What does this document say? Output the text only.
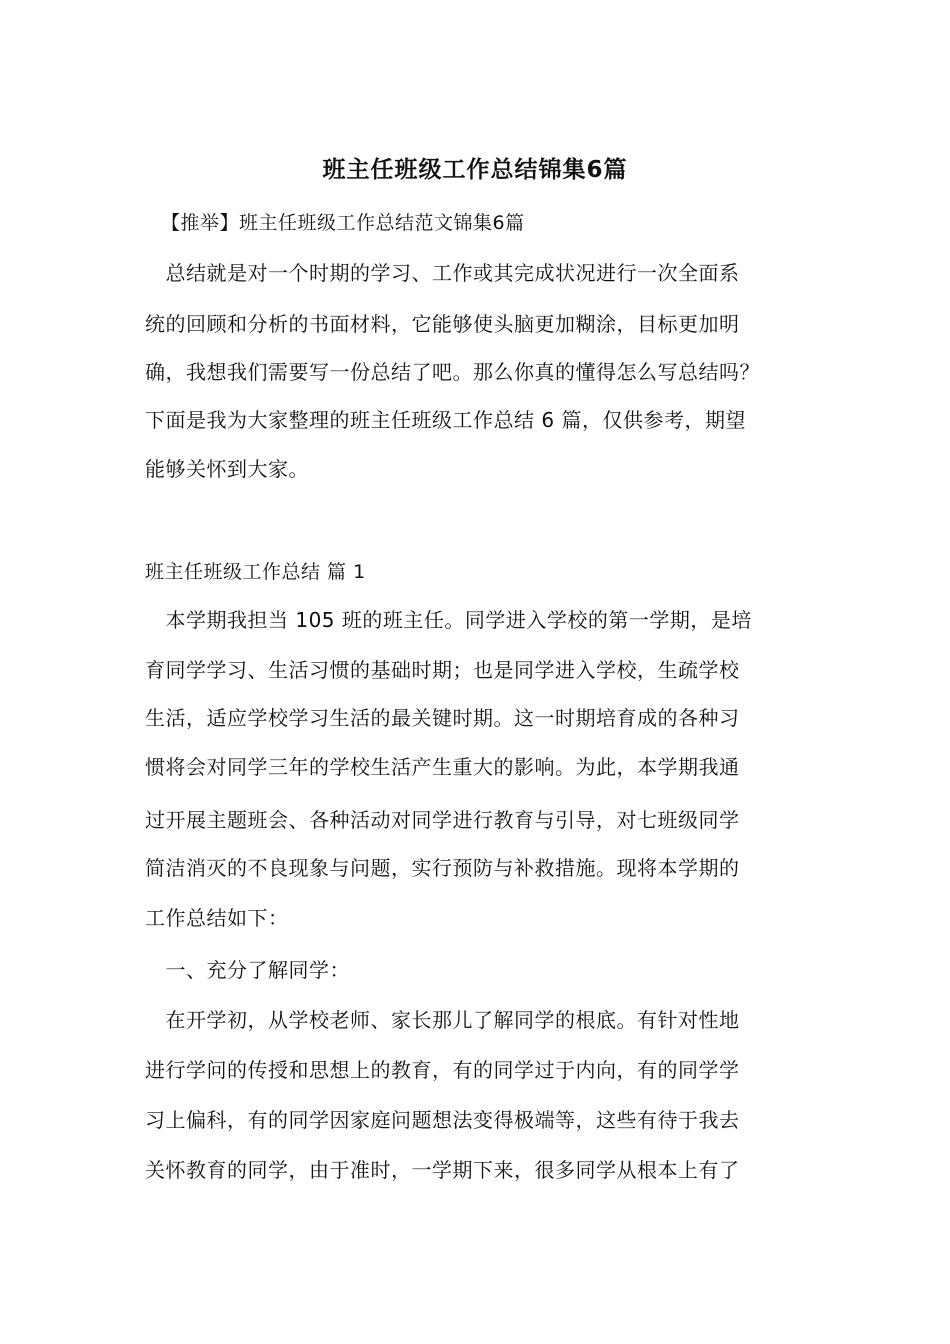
班主任班级工作总结锦集6篇
【推举】班主任班级工作总结范文锦集6篇
　总结就是对一个时期的学习、工作或其完成状况进行一次全面系
统的回顾和分析的书面材料，它能够使头脑更加糊涂，目标更加明
确，我想我们需要写一份总结了吧。那么你真的懂得怎么写总结吗？
下面是我为大家整理的班主任班级工作总结 6 篇，仅供参考，期望
能够关怀到大家。
班主任班级工作总结 篇 1
　本学期我担当 105 班的班主任。同学进入学校的第一学期，是培
育同学学习、生活习惯的基础时期；也是同学进入学校，生疏学校
生活，适应学校学习生活的最关键时期。这一时期培育成的各种习
惯将会对同学三年的学校生活产生重大的影响。为此，本学期我通
过开展主题班会、各种活动对同学进行教育与引导，对七班级同学
简洁消灭的不良现象与问题，实行预防与补救措施。现将本学期的
工作总结如下：
　一、充分了解同学：
　在开学初，从学校老师、家长那儿了解同学的根底。有针对性地
进行学问的传授和思想上的教育，有的同学过于内向，有的同学学
习上偏科，有的同学因家庭问题想法变得极端等，这些有待于我去
关怀教育的同学，由于准时，一学期下来，很多同学从根本上有了
